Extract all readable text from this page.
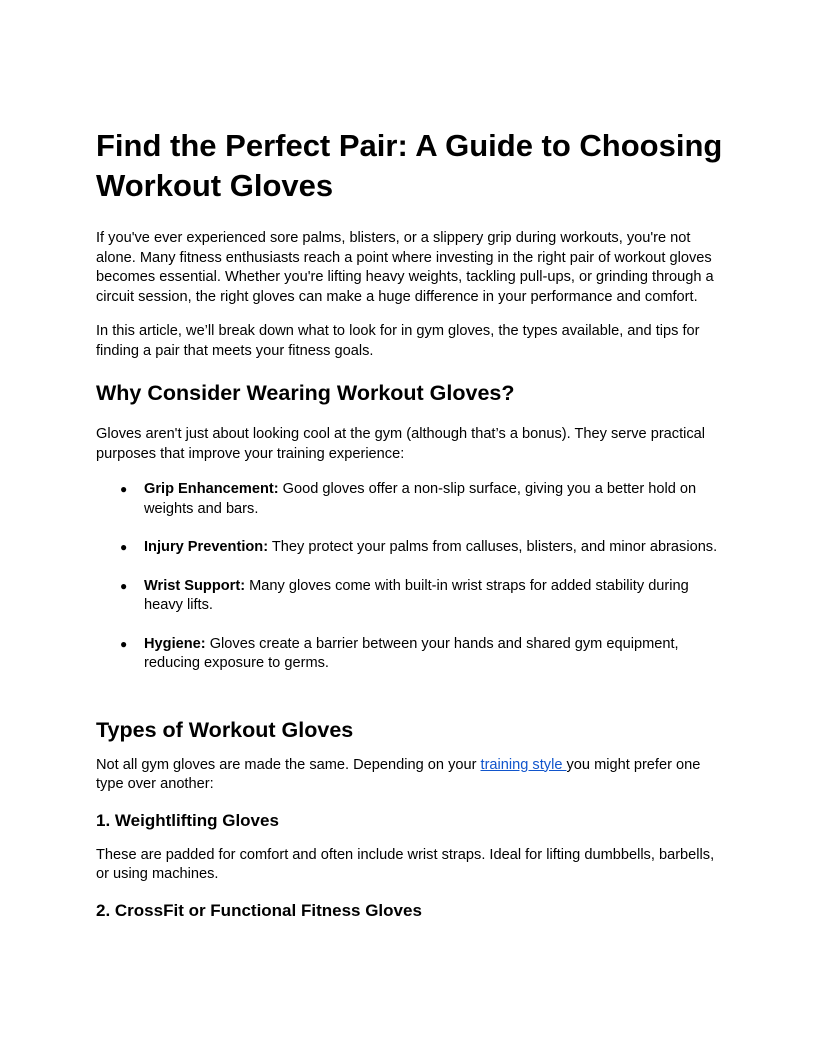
Find the Perfect Pair: A Guide to Choosing Workout Gloves

If you've ever experienced sore palms, blisters, or a slippery grip during workouts, you're not alone. Many fitness enthusiasts reach a point where investing in the right pair of workout gloves becomes essential. Whether you're lifting heavy weights, tackling pull-ups, or grinding through a circuit session, the right gloves can make a huge difference in your performance and comfort.

In this article, we’ll break down what to look for in gym gloves, the types available, and tips for finding a pair that meets your fitness goals.

Why Consider Wearing Workout Gloves?

Gloves aren't just about looking cool at the gym (although that’s a bonus). They serve practical purposes that improve your training experience:

● Grip Enhancement: Good gloves offer a non-slip surface, giving you a better hold on weights and bars.
● Injury Prevention: They protect your palms from calluses, blisters, and minor abrasions.
● Wrist Support: Many gloves come with built-in wrist straps for added stability during heavy lifts.
● Hygiene: Gloves create a barrier between your hands and shared gym equipment, reducing exposure to germs.
Types of Workout Gloves

Not all gym gloves are made the same. Depending on your training style you might prefer one type over another:

1. Weightlifting Gloves

These are padded for comfort and often include wrist straps. Ideal for lifting dumbbells, barbells, or using machines.

2. CrossFit or Functional Fitness Gloves
